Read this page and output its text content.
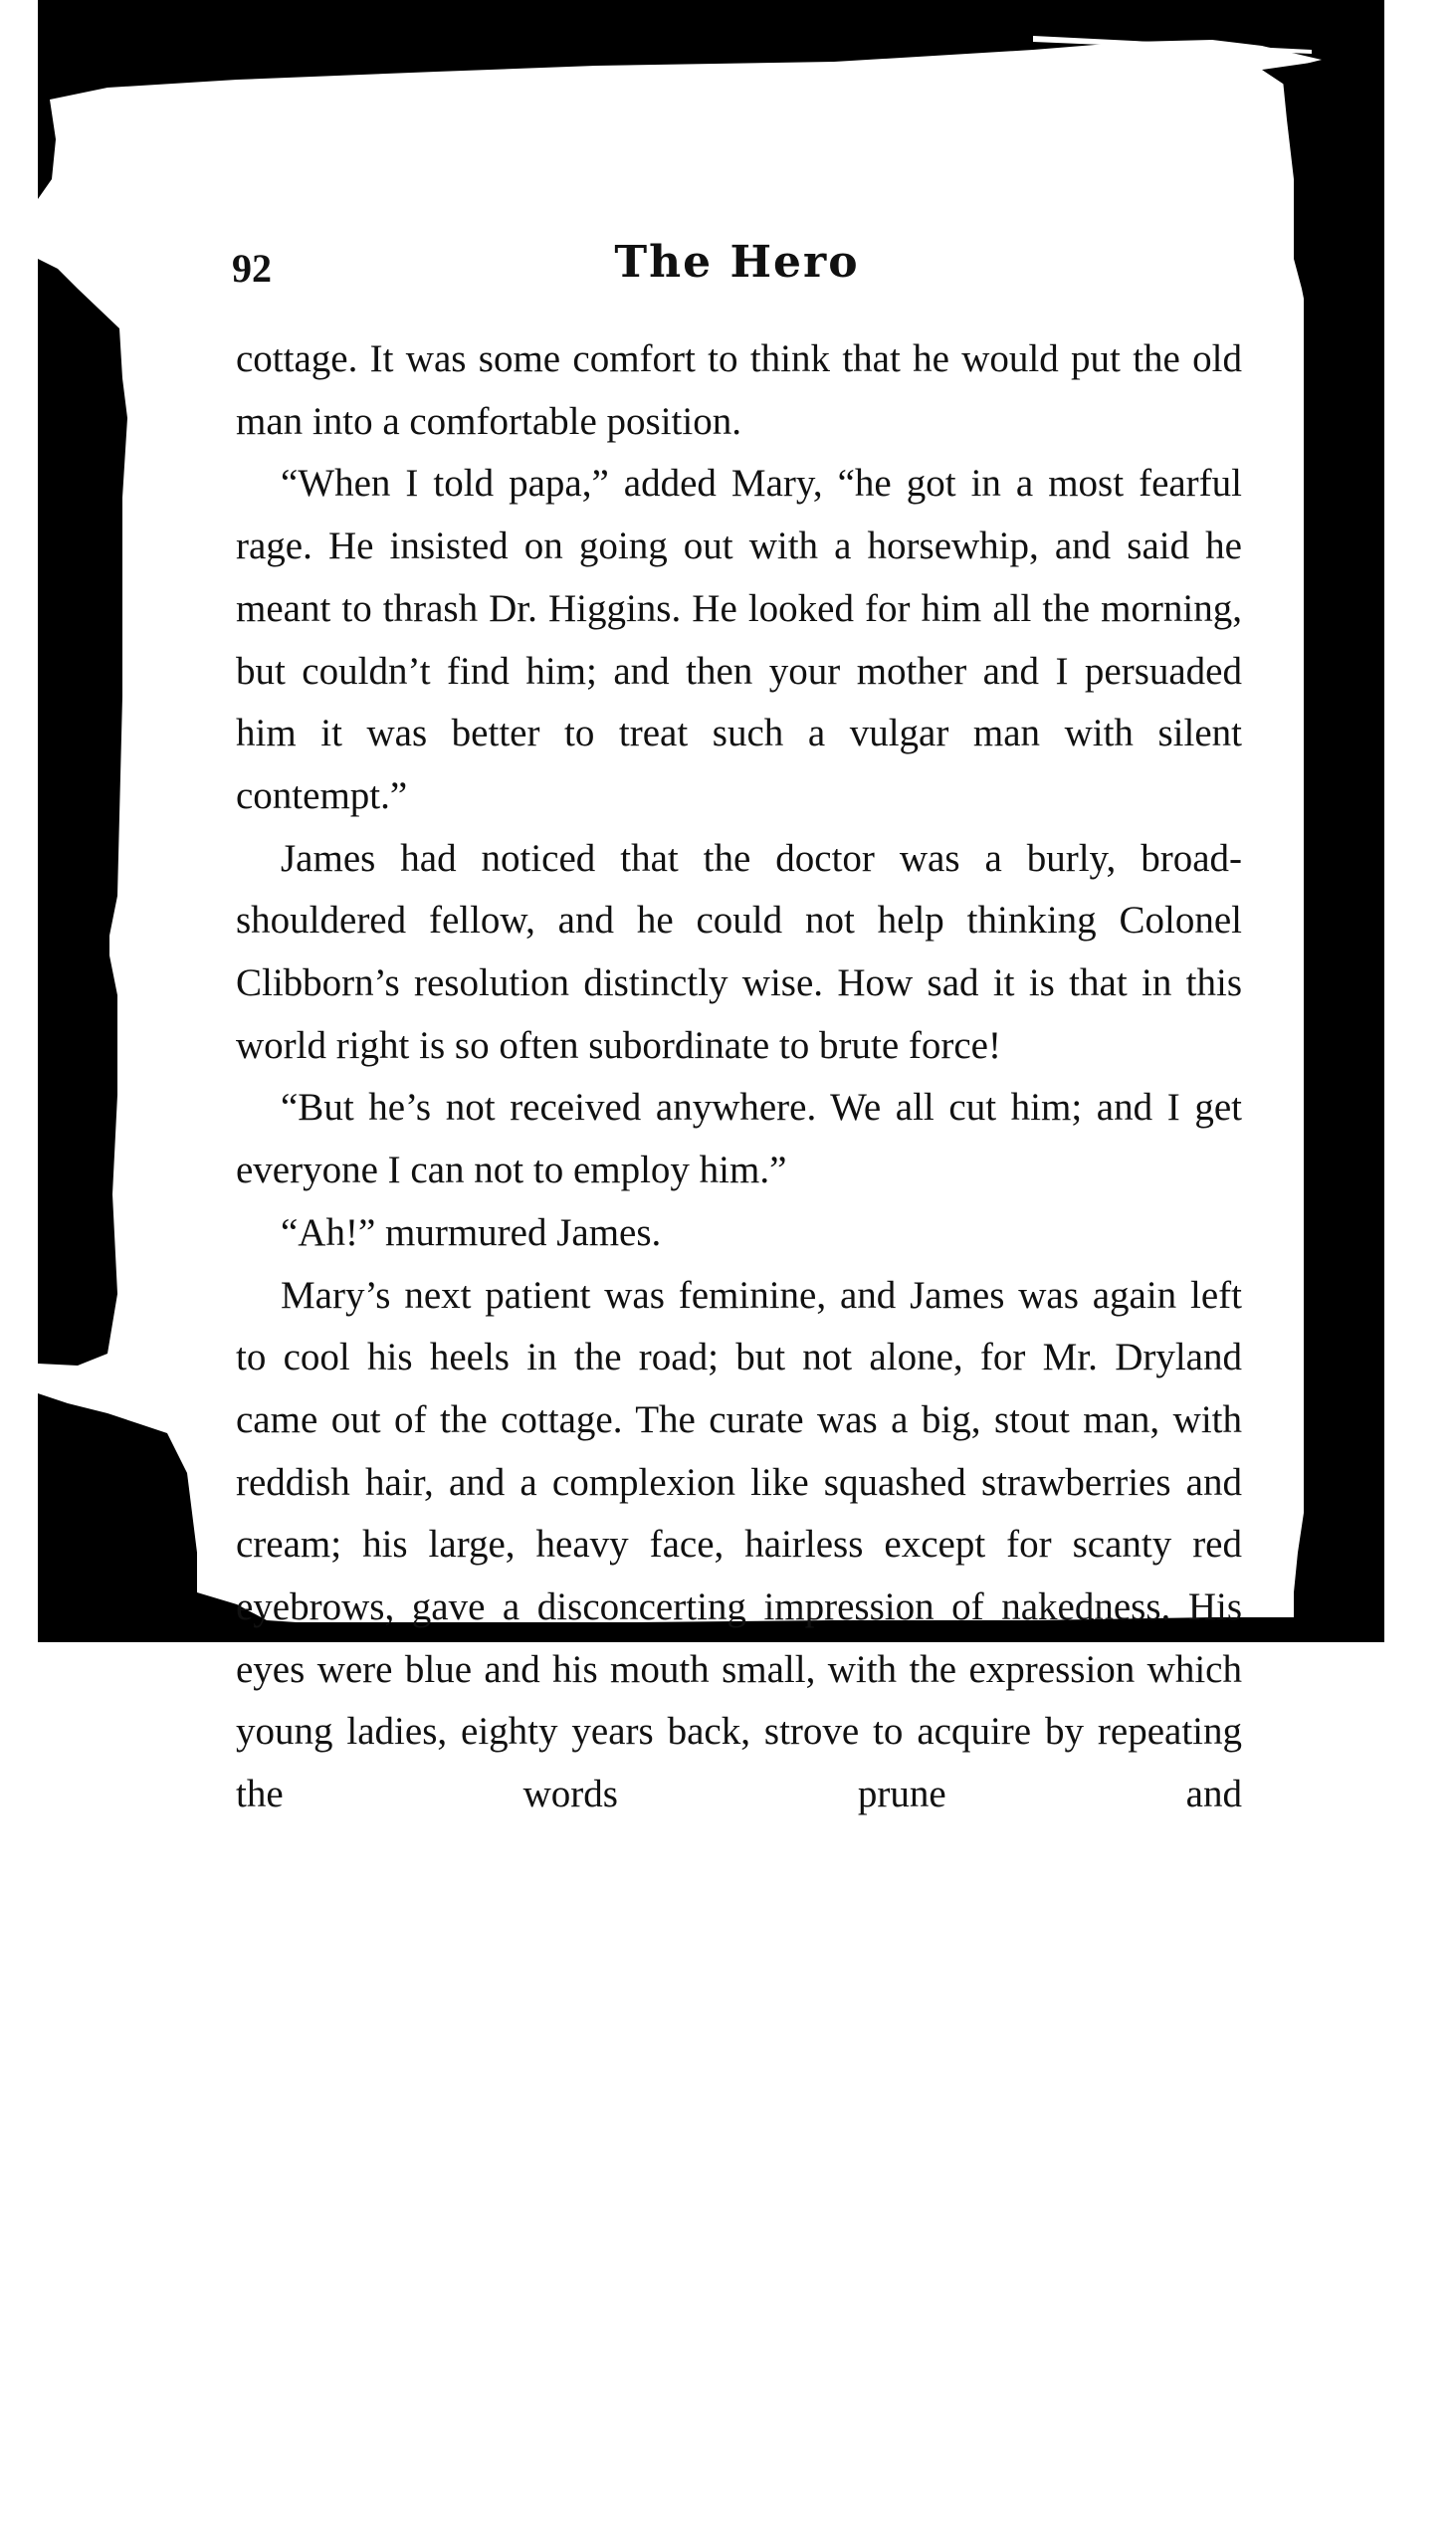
92	The Hero

cottage. It was some comfort to think that he would put the old man into a comfortable position.

“When I told papa,” added Mary, “he got in a most fearful rage. He insisted on going out with a horsewhip, and said he meant to thrash Dr. Higgins. He looked for him all the morning, but couldn’t find him; and then your mother and I persuaded him it was better to treat such a vulgar man with silent contempt.”

James had noticed that the doctor was a burly, broad-shouldered fellow, and he could not help thinking Colonel Clibborn’s resolution distinctly wise. How sad it is that in this world right is so often subordinate to brute force!

“But he’s not received anywhere. We all cut him; and I get everyone I can not to employ him.”

“Ah!” murmured James.

Mary’s next patient was feminine, and James was again left to cool his heels in the road; but not alone, for Mr. Dryland came out of the cottage. The curate was a big, stout man, with reddish hair, and a complexion like squashed strawberries and cream; his large, heavy face, hairless except for scanty red eyebrows, gave a disconcerting impression of nakedness. His eyes were blue and his mouth small, with the expression which young ladies, eighty years back, strove to acquire by repeating the words prune and
